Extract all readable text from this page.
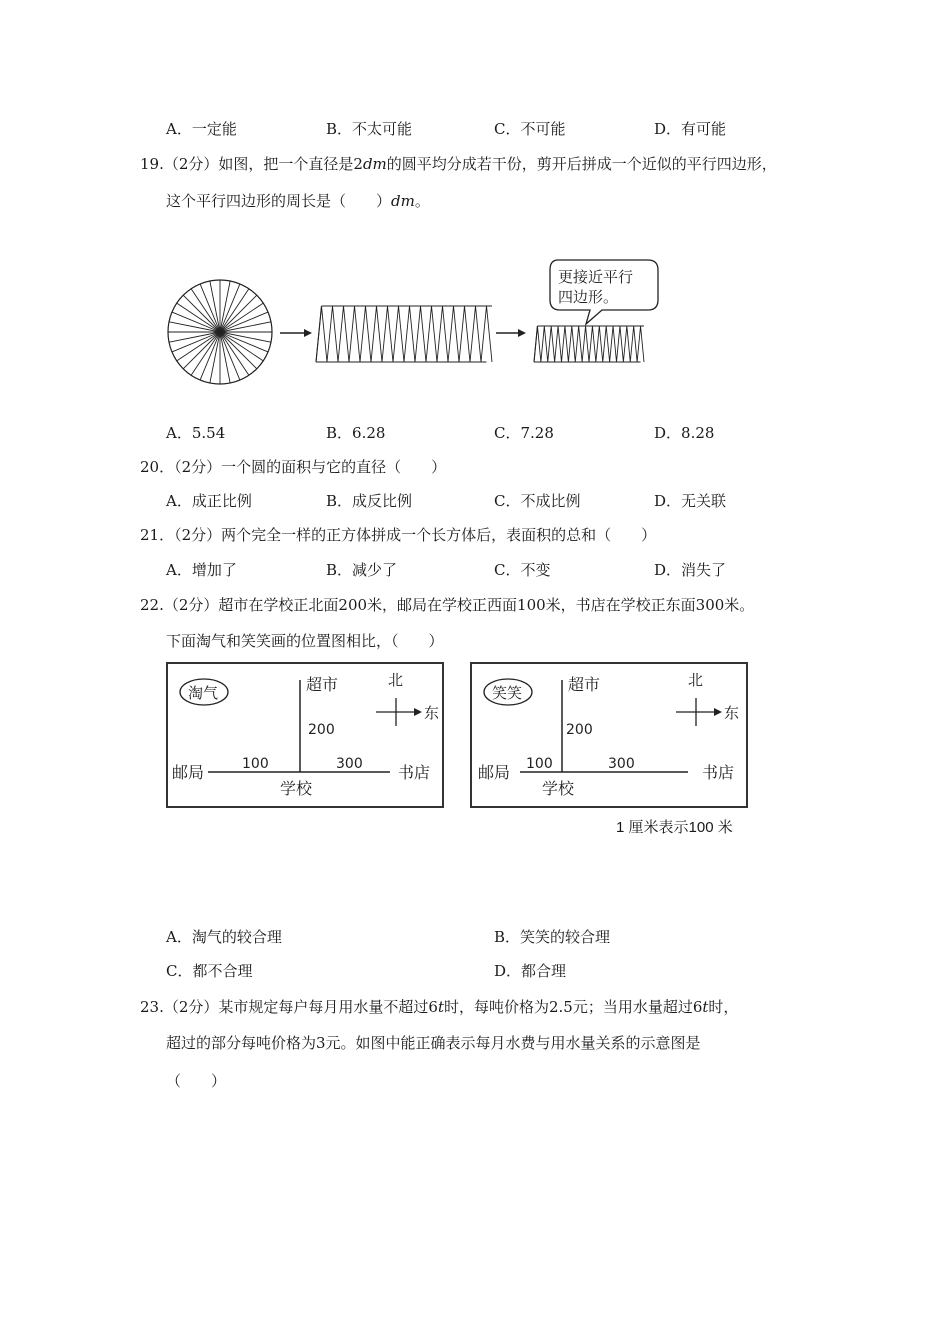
A．一定能	B．不太可能	C．不可能	D．有可能
19.（2分）如图，把一个直径是2dm的圆平均分成若干份，剪开后拼成一个近似的平行四边形，
这个平行四边形的周长是（　　）dm。
更接近平行
四边形。
A．5.54	B．6.28	C．7.28	D．8.28
20．（2分）一个圆的面积与它的直径（　　）
A．成正比例	B．成反比例	C．不成比例	D．无关联
21．（2分）两个完全一样的正方体拼成一个长方体后，表面积的总和（　　）
A．增加了	B．减少了	C．不变	D．消失了
22.（2分）超市在学校正北面200米，邮局在学校正西面100米，书店在学校正东面300米。
下面淘气和笑笑画的位置图相比，（　　）
淘气	超市
200
邮局	100	300 书店
学校
北
东
笑笑	超市
200
邮局 100	300	书店
学校
北
东
1 厘米表示100 米
A．淘气的较合理	B．笑笑的较合理
C．都不合理	D．都合理
23.（2分）某市规定每户每月用水量不超过6t时，每吨价格为2.5元；当用水量超过6t时，
超过的部分每吨价格为3元。如图中能正确表示每月水费与用水量关系的示意图是
（　　）
